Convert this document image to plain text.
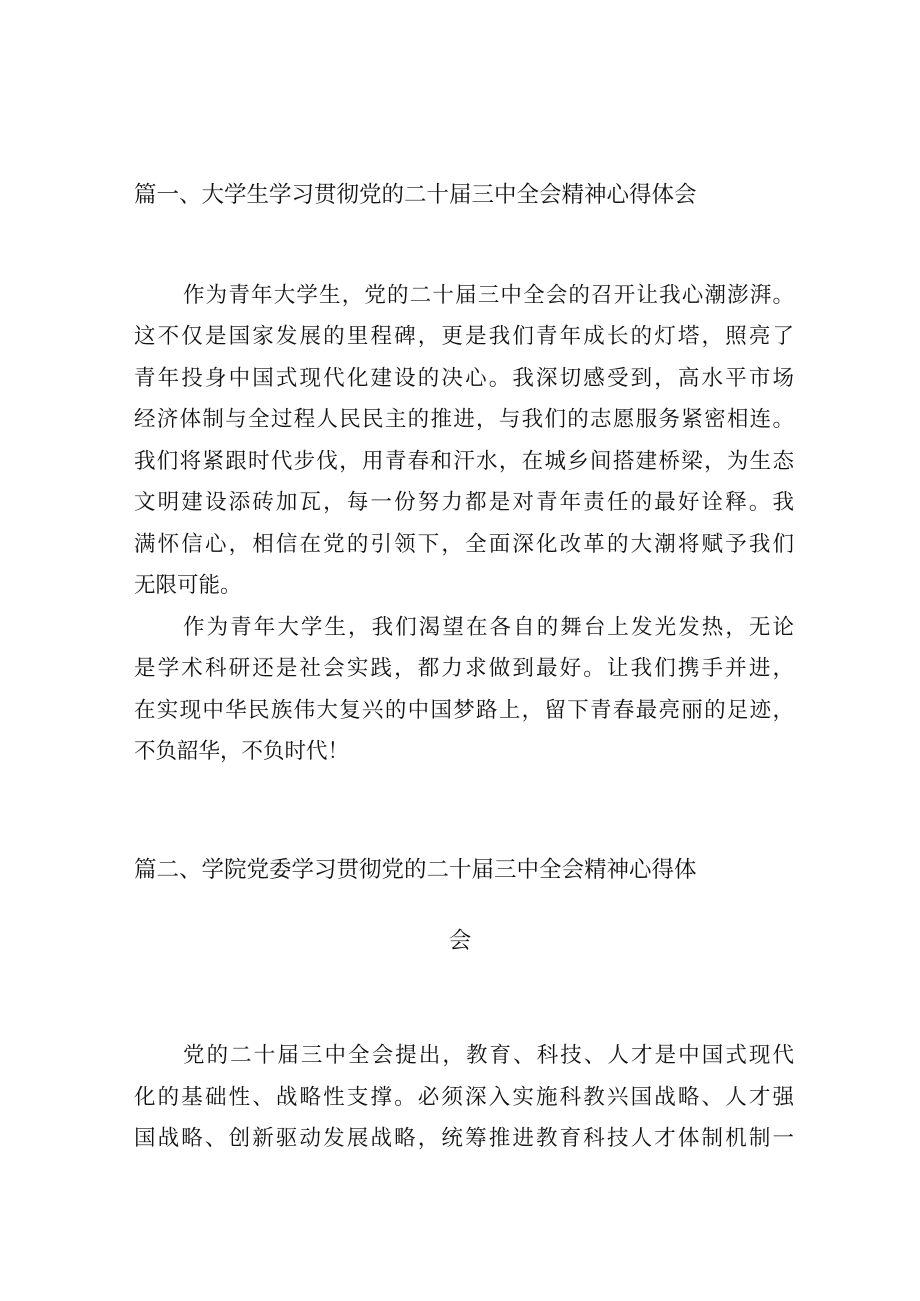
篇一、大学生学习贯彻党的二十届三中全会精神心得体会
作为青年大学生，党的二十届三中全会的召开让我心潮澎湃。
这不仅是国家发展的里程碑，更是我们青年成长的灯塔，照亮了
青年投身中国式现代化建设的决心。我深切感受到，高水平市场
经济体制与全过程人民民主的推进，与我们的志愿服务紧密相连。
我们将紧跟时代步伐，用青春和汗水，在城乡间搭建桥梁，为生态
文明建设添砖加瓦，每一份努力都是对青年责任的最好诠释。我
满怀信心，相信在党的引领下，全面深化改革的大潮将赋予我们
无限可能。
作为青年大学生，我们渴望在各自的舞台上发光发热，无论
是学术科研还是社会实践，都力求做到最好。让我们携手并进，
在实现中华民族伟大复兴的中国梦路上，留下青春最亮丽的足迹，
不负韶华，不负时代！
篇二、学院党委学习贯彻党的二十届三中全会精神心得体
会
党的二十届三中全会提出，教育、科技、人才是中国式现代
化的基础性、战略性支撑。必须深入实施科教兴国战略、人才强
国战略、创新驱动发展战略，统筹推进教育科技人才体制机制一
